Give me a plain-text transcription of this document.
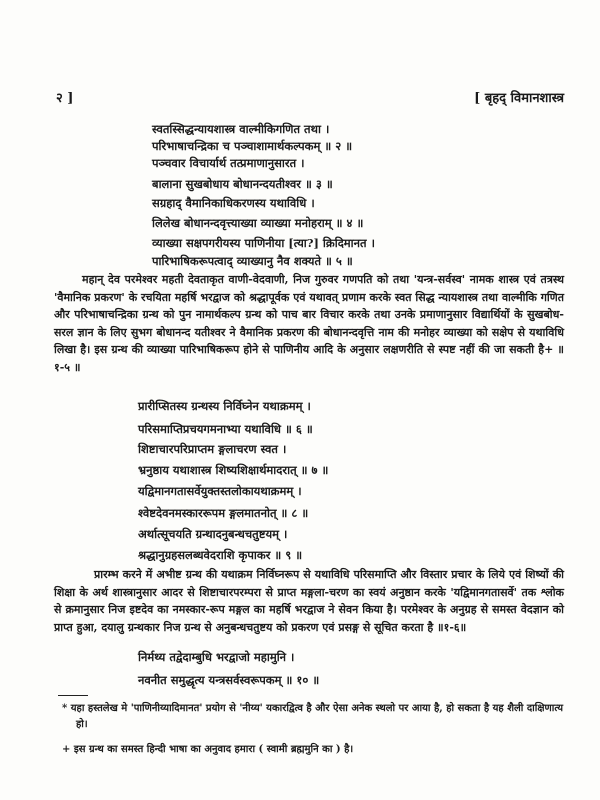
२ ]	[ बृहद् विमानशास्त्र
स्वतस्सिद्धन्यायशास्त्र वाल्मीकिगणित तथा ।
परिभाषाचन्द्रिका च पञ्चाशामार्थकल्पकम् ॥ २ ॥
पञ्चवार विचार्यार्थ तत्प्रमाणानुसारत ।
बालाना सुखबोधाय बोधानन्दयतीश्वर ॥ ३ ॥
सग्रहाद् वैमानिकाधिकरणस्य यथाविधि ।
लिलेख बोधानन्दवृत्त्याख्या व्याख्या मनोहराम् ॥ ४ ॥
व्याख्या सक्षपगरीयस्य पाणिनीया [त्या?] क्रिदिमानत ।
पारिभाषिकरूपत्वाद् व्याख्यानु नैव शक्यते ॥ ५ ॥

महान् देव परमेश्वर महती देवताकृत वाणी-वेदवाणी, निज गुरुवर गणपति को तथा 'यन्त्र-सर्वस्व' नामक शास्त्र एवं तत्रस्थ 'वैमानिक प्रकरण' के रचयिता महर्षि भरद्वाज को श्रद्धापूर्वक एवं यथावत् प्रणाम करके स्वत सिद्ध न्यायशास्त्र तथा वाल्मीकि गणित और परिभाषाचन्द्रिका ग्रन्थ को पुन नामार्थकल्प ग्रन्थ को पाच बार विचार करके तथा उनके प्रमाणानुसार विद्यार्थियों के सुखबोध-सरल ज्ञान के लिए सुभग बोधानन्द यतीश्वर ने वैमानिक प्रकरण की बोधानन्दवृत्ति नाम की मनोहर व्याख्या को सक्षेप से यथाविधि लिखा है। इस ग्रन्थ की व्याख्या पारिभाषिकरूप होने से पाणिनीय आदि के अनुसार लक्षणरीति से स्पष्ट नहीं की जा सकती है+ ॥ १-५ ॥

प्रारीप्सितस्य ग्रन्थस्य निर्विघ्नेन यथाक्रमम् ।
परिसमाप्तिप्रचयगमनाभ्या यथाविधि ॥ ६ ॥
शिष्टाचारपरिप्राप्तम ङ्गलाचरण स्वत ।
भ्रनुष्ठाय यथाशास्त्र शिष्यशिक्षार्थमादरात् ॥ ७ ॥
यद्विमानगतासर्वेयुक्तस्तलोकायथाक्रमम् ।
श्वेष्टदेवनमस्काररूपम ङ्गलमातनोत् ॥ ८ ॥
अर्थात्सूचयति ग्रन्थादनुबन्धचतुष्टयम् ।
श्रद्धानुग्रहसलब्धवेदराशि कृपाकर ॥ ९ ॥

प्रारम्भ करने में अभीष्ट ग्रन्थ की यथाक्रम निर्विघ्नरूप से यथाविधि परिसमाप्ति और विस्तार प्रचार के लिये एवं शिष्यों की शिक्षा के अर्थ शास्त्रानुसार आदर से शिष्टाचारपरम्परा से प्राप्त मङ्गला-चरण का स्वयं अनुष्ठान करके 'यद्विमानगतासर्वे' तक श्लोक से क्रमानुसार निज इष्टदेव का नमस्कार-रूप मङ्गल का महर्षि भरद्वाज ने सेवन किया है। परमेश्वर के अनुग्रह से समस्त वेदज्ञान को प्राप्त हुआ, दयालु ग्रन्थकार निज ग्रन्थ से अनुबन्धचतुष्टय को प्रकरण एवं प्रसङ्ग से सूचित करता है ॥१-६॥

निर्मथ्य तद्वेदाम्बुधि भरद्वाजो महामुनि ।
नवनीत समुद्धृत्य यन्त्रसर्वस्वरूपकम् ॥ १० ॥

* यहा हस्तलेख मे 'पाणिनीय्यादिमानत' प्रयोग से 'नीय्य' यकारद्वित्व है और ऐसा अनेक स्थलो पर आया है, हो सकता है यह शैली दाक्षिणात्य हो।

+ इस ग्रन्थ का समस्त हिन्दी भाषा का अनुवाद हमारा ( स्वामी ब्रह्ममुनि का ) है।
